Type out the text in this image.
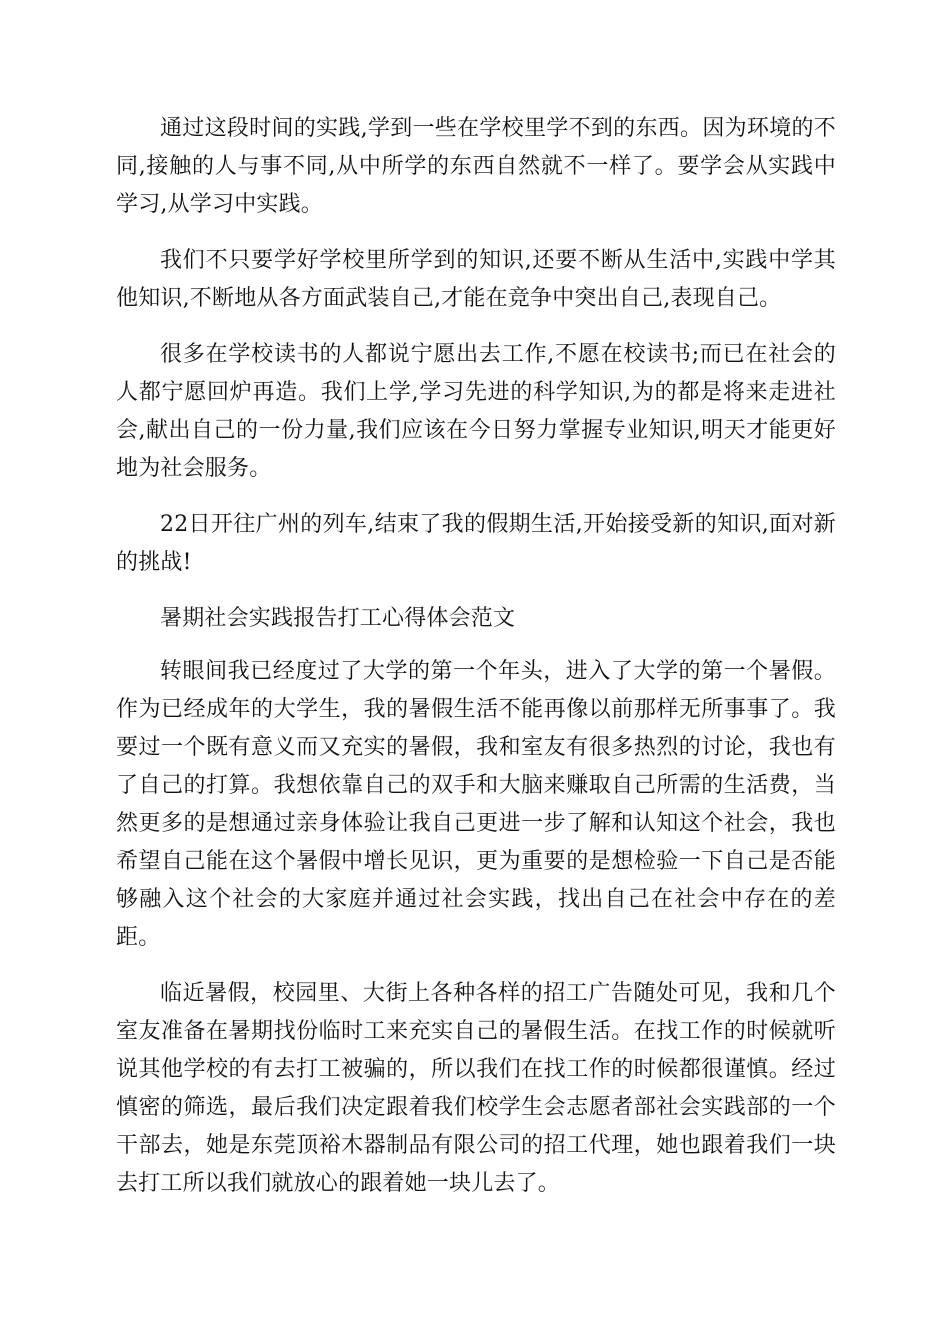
通过这段时间的实践,学到一些在学校里学不到的东西。因为环境的不同,接触的人与事不同,从中所学的东西自然就不一样了。要学会从实践中学习,从学习中实践。

我们不只要学好学校里所学到的知识,还要不断从生活中,实践中学其他知识,不断地从各方面武装自己,才能在竞争中突出自己,表现自己。

很多在学校读书的人都说宁愿出去工作,不愿在校读书;而已在社会的人都宁愿回炉再造。我们上学,学习先进的科学知识,为的都是将来走进社会,献出自己的一份力量,我们应该在今日努力掌握专业知识,明天才能更好地为社会服务。

22日开往广州的列车,结束了我的假期生活,开始接受新的知识,面对新的挑战!

暑期社会实践报告打工心得体会范文

转眼间我已经度过了大学的第一个年头，进入了大学的第一个暑假。作为已经成年的大学生，我的暑假生活不能再像以前那样无所事事了。我要过一个既有意义而又充实的暑假，我和室友有很多热烈的讨论，我也有了自己的打算。我想依靠自己的双手和大脑来赚取自己所需的生活费，当然更多的是想通过亲身体验让我自己更进一步了解和认知这个社会，我也希望自己能在这个暑假中增长见识，更为重要的是想检验一下自己是否能够融入这个社会的大家庭并通过社会实践，找出自己在社会中存在的差距。

临近暑假，校园里、大街上各种各样的招工广告随处可见，我和几个室友准备在暑期找份临时工来充实自己的暑假生活。在找工作的时候就听说其他学校的有去打工被骗的，所以我们在找工作的时候都很谨慎。经过慎密的筛选，最后我们决定跟着我们校学生会志愿者部社会实践部的一个干部去，她是东莞顶裕木器制品有限公司的招工代理，她也跟着我们一块去打工所以我们就放心的跟着她一块儿去了。
